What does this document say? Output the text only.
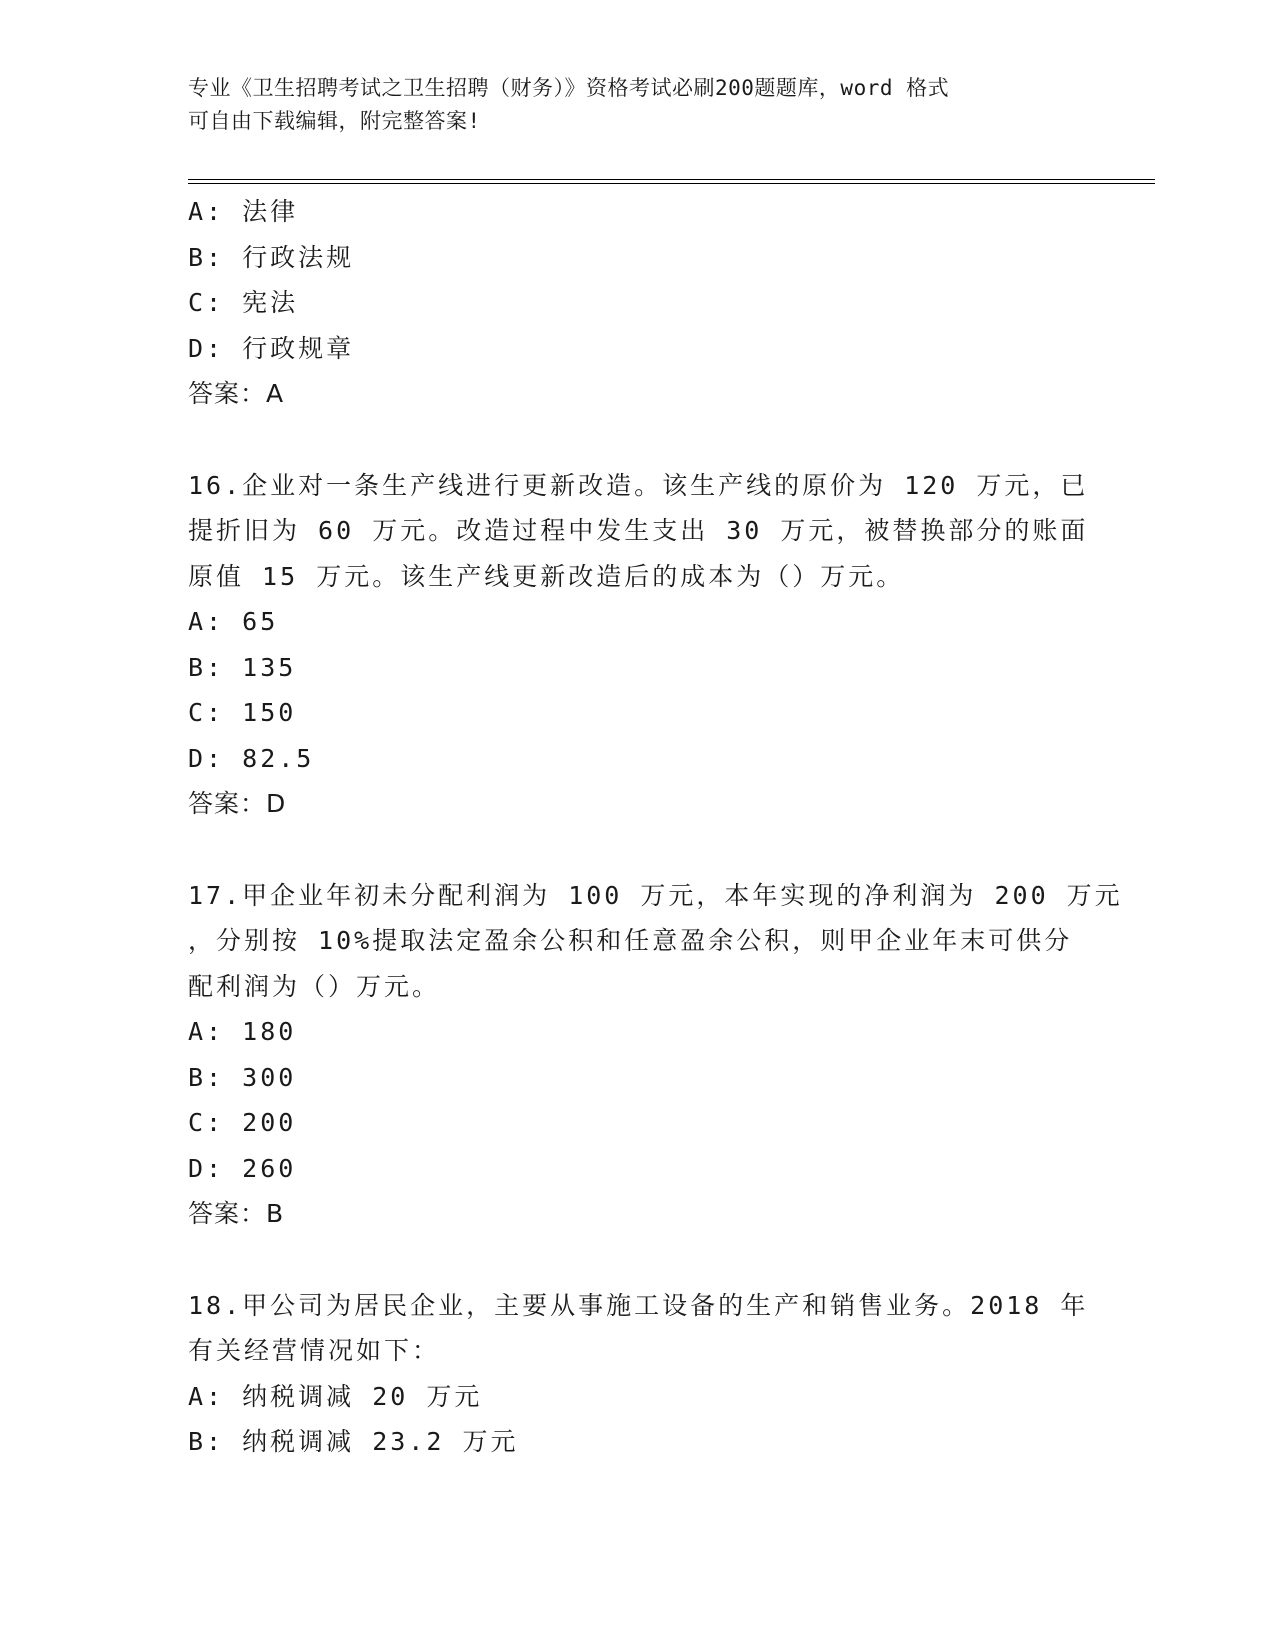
专业《卫生招聘考试之卫生招聘（财务）》资格考试必刷200题题库，word 格式
可自由下载编辑，附完整答案!
A: 法律
B: 行政法规
C: 宪法
D: 行政规章
答案：A
16.企业对一条生产线进行更新改造。该生产线的原价为 120 万元，已
提折旧为 60 万元。改造过程中发生支出 30 万元，被替换部分的账面
原值 15 万元。该生产线更新改造后的成本为（）万元。
A: 65
B: 135
C: 150
D: 82.5
答案：D
17.甲企业年初未分配利润为 100 万元，本年实现的净利润为 200 万元
，分别按 10%提取法定盈余公积和任意盈余公积，则甲企业年末可供分
配利润为（）万元。
A: 180
B: 300
C: 200
D: 260
答案：B
18.甲公司为居民企业，主要从事施工设备的生产和销售业务。2018 年
有关经营情况如下：
A: 纳税调减 20 万元
B: 纳税调减 23.2 万元
